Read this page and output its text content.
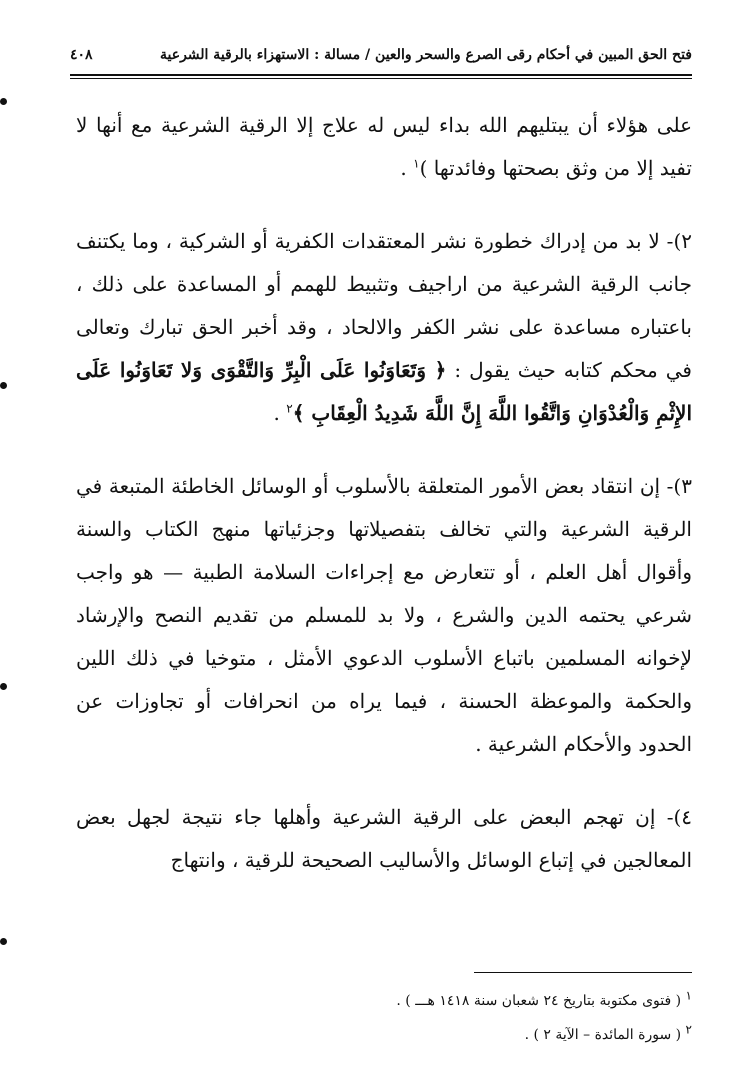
فتح الحق المبين في أحكام رقى الصرع والسحر والعين / مسالة : الاستهزاء بالرقية الشرعية
٤٠٨

على هؤلاء أن يبتليهم الله بداء ليس له علاج إلا الرقية الشرعية مع أنها لا تفيد إلا من وثق بصحتها وفائدتها )$^١$ .

٢)- لا بد من إدراك خطورة نشر المعتقدات الكفرية أو الشركية ، وما يكتنف جانب الرقية الشرعية من اراجيف وتثبيط للهمم أو المساعدة على ذلك ، باعتباره مساعدة على نشر الكفر والالحاد ، وقد أخبر الحق تبارك وتعالى في محكم كتابه حيث يقول : ﴿ وَتَعَاوَنُوا عَلَى الْبِرِّ وَالتَّقْوَى وَلا تَعَاوَنُوا عَلَى الإِثْمِ وَالْعُدْوَانِ وَاتَّقُوا اللَّهَ إِنَّ اللَّهَ شَدِيدُ الْعِقَابِ ﴾$^٢$ .

٣)- إن انتقاد بعض الأمور المتعلقة بالأسلوب أو الوسائل الخاطئة المتبعة في الرقية الشرعية والتي تخالف بتفصيلاتها وجزئياتها منهج الكتاب والسنة وأقوال أهل العلم ، أو تتعارض مع إجراءات السلامة الطبية — هو واجب شرعي يحتمه الدين والشرع ، ولا بد للمسلم من تقديم النصح والإرشاد لإخوانه المسلمين باتباع الأسلوب الدعوي الأمثل ، متوخيا في ذلك اللين والحكمة والموعظة الحسنة ، فيما يراه من انحرافات أو تجاوزات عن الحدود والأحكام الشرعية .

٤)- إن تهجم البعض على الرقية الشرعية وأهلها جاء نتيجة لجهل بعض المعالجين في إتباع الوسائل والأساليب الصحيحة للرقية ، وانتهاج

١ ( فتوى مكتوبة بتاريخ ٢٤ شعبان سنة ١٤١٨ هـــ ) .

٢ ( سورة المائدة – الآية ٢ ) .
